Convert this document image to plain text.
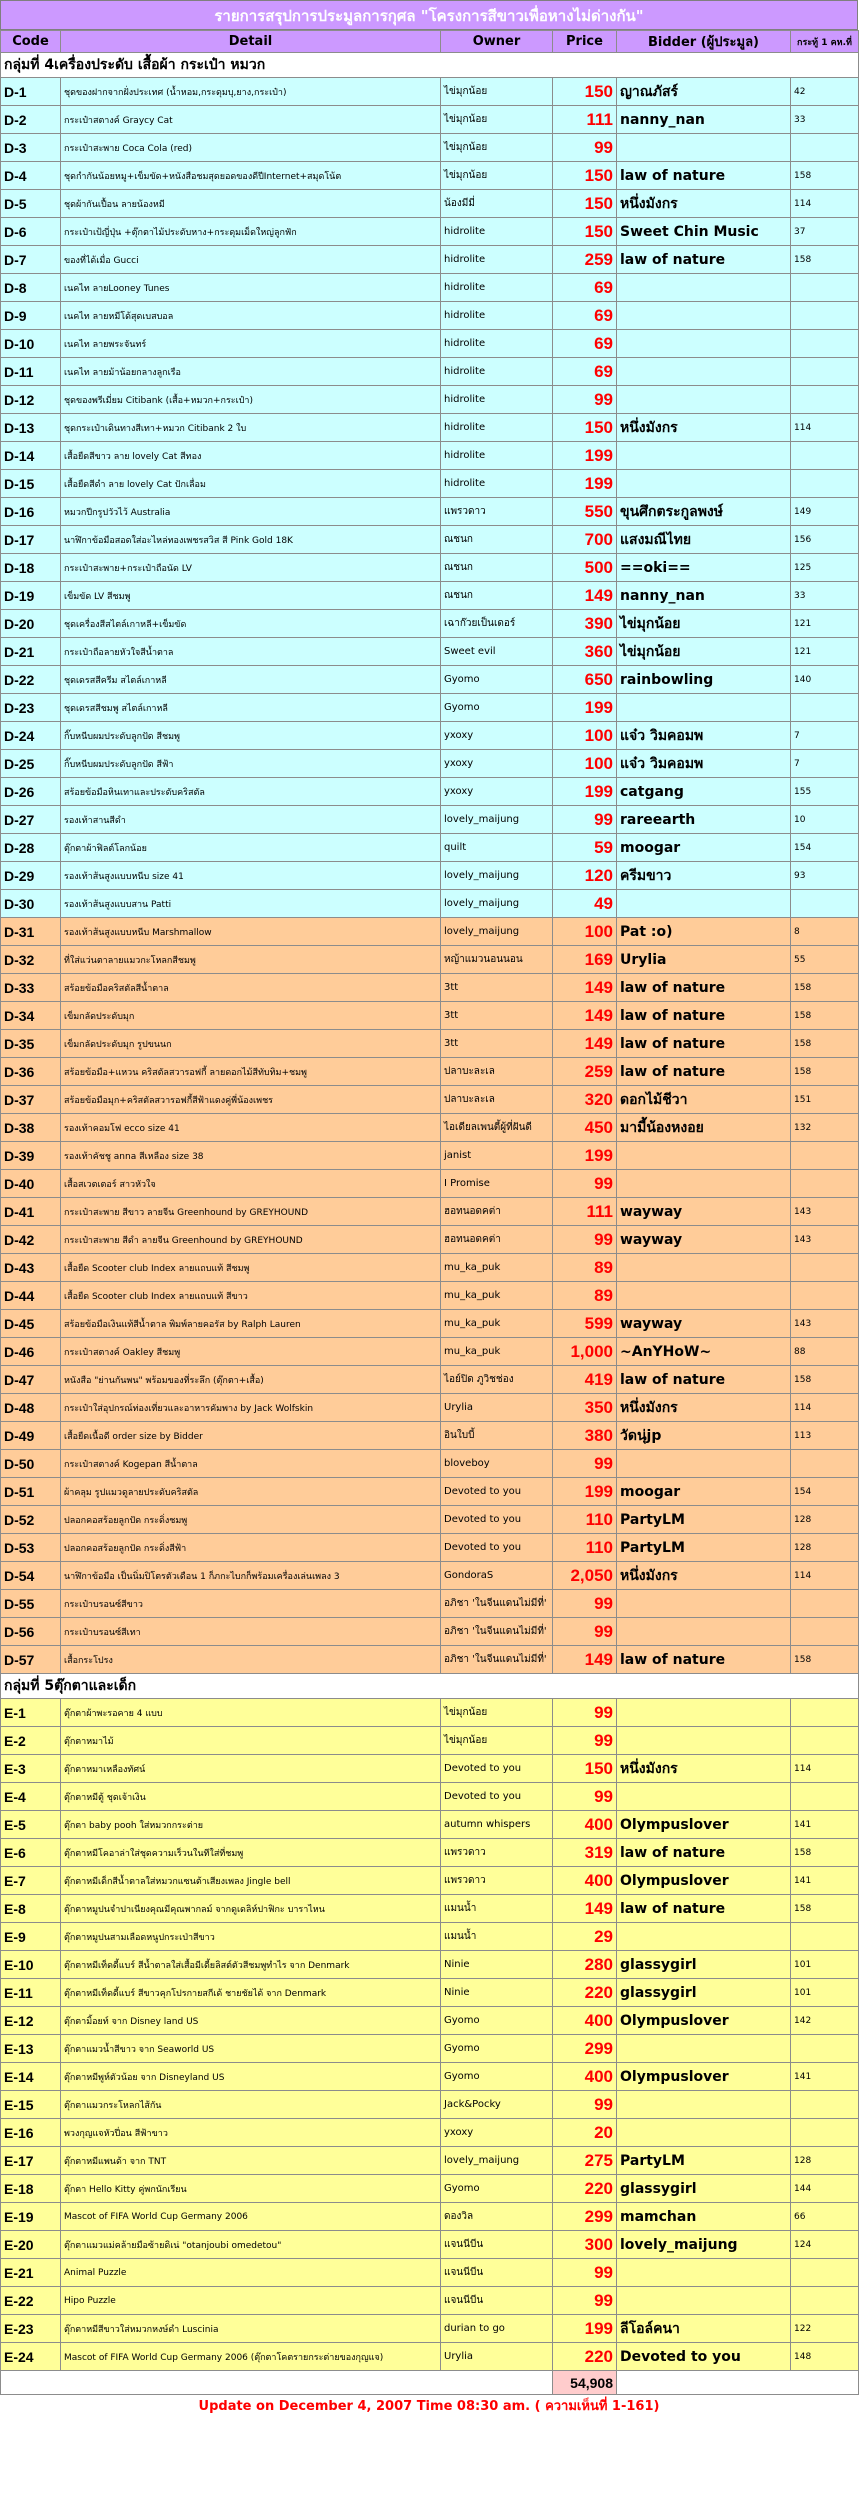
รายการสรุปการประมูลการกุศล "โครงการสีขาวเพื่อหางไม่ด่างกัน"
Code	Detail	Owner	Price	Bidder (ผู้ประมูล)	กระทู้ 1 คห.ที่
กลุ่มที่ 4เครื่องประดับ เสื้อผ้า กระเป๋า หมวก					
D-1	ชุดของฝากจากฝั่งประเทศ (น้ำหอม,กระดุมบุ,ยาง,กระเป๋า)	ไข่มุกน้อย	150	ญาณภัสร์	42
D-2	กระเป๋าสตางค์ Graycy Cat	ไข่มุกน้อย	111	nanny_nan	33
D-3	กระเป๋าสะพาย Coca Cola (red)	ไข่มุกน้อย	99		
D-4	ชุดกำกันน้อยหมู+เข็มขัด+หนังสือชมสุดยอดของดีปีInternet+สมุดโน้ต	ไข่มุกน้อย	150	law of nature	158
D-5	ชุดผ้ากันเปื้อน ลายน้องหมี	น้องมีมี่	150	หนึ่งมังกร	114
D-6	กระเป๋าเป้ญี่ปุ่น +ตุ๊กตาไม้ประดับหาง+กระดุมเม็ดใหญ่ลูกฟัก	hidrolite	150	Sweet Chin Music	37
D-7	ของที่ได้เมื่อ Gucci	hidrolite	259	law of nature	158
D-8	เนคไท ลายLooney Tunes	hidrolite	69		
D-9	เนคไท ลายหมีโด้สุดเบสบอล	hidrolite	69		
D-10	เนคไท ลายพระจันทร์	hidrolite	69		
D-11	เนคไท ลายม้าน้อยกลางลูกเรือ	hidrolite	69		
D-12	ชุดของพรีเมี่ยม Citibank (เสื้อ+หมวก+กระเป๋า)	hidrolite	99		
D-13	ชุดกระเป๋าเดินทางสีเทา+หมวก Citibank 2 ใบ	hidrolite	150	หนึ่งมังกร	114
D-14	เสื้อยืดสีขาว ลาย lovely Cat สีทอง	hidrolite	199		
D-15	เสื้อยืดสีดำ ลาย lovely Cat ปักเลื่อม	hidrolite	199		
D-16	หมวกปีกรูปวัวไว้ Australia	แพรวดาว	550	ขุนศึกตระกูลพงษ์	149
D-17	นาฬิกาข้อมือสอดใส่อะไหล่ทองเพชรสวิส สี Pink Gold 18K	ณชนก	700	แสงมณีไทย	156
D-18	กระเป๋าสะพาย+กระเป๋าถือนัด LV	ณชนก	500	==oki==	125
D-19	เข็มขัด LV สีชมพู	ณชนก	149	nanny_nan	33
D-20	ชุดเครื่องสีสไตล์เกาหลี+เข็มขัด	เฉาก๊วยเป็นเดอร์	390	ไข่มุกน้อย	121
D-21	กระเป๋าถือลายหัวใจสีน้ำตาล	Sweet evil	360	ไข่มุกน้อย	121
D-22	ชุดเดรสสีครีม สไตล์เกาหลี	Gyomo	650	rainbowling	140
D-23	ชุดเดรสสีชมพู สไตล์เกาหลี	Gyomo	199		
D-24	กิ๊บหนีบผมประดับลูกปัด สีชมพู	yxoxy	100	แจ๋ว วิมคอมพ	7
D-25	กิ๊บหนีบผมประดับลูกปัด สีฟ้า	yxoxy	100	แจ๋ว วิมคอมพ	7
D-26	สร้อยข้อมือหินเทาและประดับคริสตัล	yxoxy	199	catgang	155
D-27	รองเท้าสานสีดำ	lovely_maijung	99	rareearth	10
D-28	ตุ๊กตาผ้าฟิลต์โลกน้อย	quilt	59	moogar	154
D-29	รองเท้าส้นสูงแบบหนีบ size 41	lovely_maijung	120	ครีมขาว	93
D-30	รองเท้าส้นสูงแบบสาน Patti	lovely_maijung	49		
D-31	รองเท้าส้นสูงแบบหนีบ Marshmallow	lovely_maijung	100	Pat :o)	8
D-32	ที่ใส่แว่นตาลายแมวกะโหลกสีชมพู	หญ้าแมวนอนนอน	169	Urylia	55
D-33	สร้อยข้อมือคริสตัลสีน้ำตาล	3tt	149	law of nature	158
D-34	เข็มกลัดประดับมุก	3tt	149	law of nature	158
D-35	เข็มกลัดประดับมุก รูปขนนก	3tt	149	law of nature	158
D-36	สร้อยข้อมือ+แหวน คริสตัลสวารอฟกี้ ลายดอกไม้สีทับทิม+ชมพู	ปลาบะละเล	259	law of nature	158
D-37	สร้อยข้อมือมุก+คริสตัลสวารอฟกี้สีฟ้าแดงคู่พี่น้องเพชร	ปลาบะละเล	320	ดอกไม้ชีวา	151
D-38	รองเท้าคอมโฟ ecco size 41	ไอเดียลเพนตี้ผู้ที่ฝันดี	450	มามี้น้องหงอย	132
D-39	รองเท้าคัชชู anna สีเหลือง size 38	janist	199		
D-40	เสื้อสเวตเตอร์ สาวหัวใจ	I Promise	99		
D-41	กระเป๋าสะพาย สีขาว ลายจีน Greenhound by GREYHOUND	ฮอทนอดคต่า	111	wayway	143
D-42	กระเป๋าสะพาย สีดำ ลายจีน Greenhound by GREYHOUND	ฮอทนอดคต่า	99	wayway	143
D-43	เสื้อยืด Scooter club Index ลายแถบแท้ สีชมพู	mu_ka_puk	89		
D-44	เสื้อยืด Scooter club Index ลายแถบแท้ สีขาว	mu_ka_puk	89		
D-45	สร้อยข้อมือเงินแท้สีน้ำตาล พิมพ์ลายคอรัส by Ralph Lauren	mu_ka_puk	599	wayway	143
D-46	กระเป๋าสตางค์ Oakley สีชมพู	mu_ka_puk	1,000	~AnYHoW~	88
D-47	หนังสือ "ย่านกันพน" พร้อมของที่ระลึก (ตุ๊กตา+เสื้อ)	ไอย์ปิด ภูวิชช่อง	419	law of nature	158
D-48	กระเป๋าใส่อุปกรณ์ท่องเที่ยวและอาหารคัมพาง by Jack Wolfskin	Urylia	350	หนึ่งมังกร	114
D-49	เสื้อยืดเนื้อดี order size by Bidder	อินใบบี้	380	วัดนุ่jp	113
D-50	กระเป๋าสตางค์ Kogepan สีน้ำตาล	bloveboy	99		
D-51	ผ้าคลุม รูปแมวดูลายประดับคริสตัล	Devoted to you	199	moogar	154
D-52	ปลอกคอสร้อยลูกปัด กระดิ่งชมพู	Devoted to you	110	PartyLM	128
D-53	ปลอกคอสร้อยลูกปัด กระดิ่งสีฟ้า	Devoted to you	110	PartyLM	128
D-54	นาฬิกาข้อมือ เป็นนิ่มปิโตรตัวเดือน 1 ก็ภกะไบกก็พร้อมเครื่องเล่นเพลง 3	GondoraS	2,050	หนึ่งมังกร	114
D-55	กระเป๋าบรอนซ์สีขาว	อภิชา 'ในจีนแดนไม่มีที่'	99		
D-56	กระเป๋าบรอนซ์สีเทา	อภิชา 'ในจีนแดนไม่มีที่'	99		
D-57	เสื้อกระโปรง	อภิชา 'ในจีนแดนไม่มีที่'	149	law of nature	158
กลุ่มที่ 5ตุ๊กตาและเด็ก					
E-1	ตุ๊กตาผ้าพะรอคาย 4 แบบ	ไข่มุกน้อย	99		
E-2	ตุ๊กตาหมาไม้	ไข่มุกน้อย	99		
E-3	ตุ๊กตาหมาเหลืองทัศน์	Devoted to you	150	หนึ่งมังกร	114
E-4	ตุ๊กตาหมีตู้ ชุดเจ้าเงิน	Devoted to you	99		
E-5	ตุ๊กตา baby pooh ใส่หมวกกระต่าย	autumn whispers	400	Olympuslover	141
E-6	ตุ๊กตาหมีโคอาล่าใส่ชุดความเร็วนในทีใส่ที่ชมพู	แพรวดาว	319	law of nature	158
E-7	ตุ๊กตาหมีเด็กสีน้ำตาลใส่หมวกแซนต้าเสียงเพลง Jingle bell	แพรวดาว	400	Olympuslover	141
E-8	ตุ๊กตาหมูปนจำปาเนียงคุณมีคุณพากลม์ จากดูเดลิห์ปาฟิกะ บาราไหน	แมนน้ำ	149	law of nature	158
E-9	ตุ๊กตาหมูปนสามเลือดหนูปกระเป่าสีขาว	แมนน้ำ	29		
E-10	ตุ๊กตาหมีเท็ดดี้แบร์ สีน้ำตาลใส่เสื้อมีเดี้ยลิสต์ตัวสีชมพูทำไร จาก Denmark	Ninie	280	glassygirl	101
E-11	ตุ๊กตาหมีเท็ดดี้แบร์ สีขาวคุกโปรกายสกีเด้ ชายชัยได้ จาก Denmark	Ninie	220	glassygirl	101
E-12	ตุ๊กตามิ้อยท์ จาก Disney land US	Gyomo	400	Olympuslover	142
E-13	ตุ๊กตาแมวน้ำสีขาว จาก Seaworld US	Gyomo	299		
E-14	ตุ๊กตาหมีพูห์ตัวน้อย จาก Disneyland US	Gyomo	400	Olympuslover	141
E-15	ตุ๊กตาแมวกระโหลกไส้กัน	Jack&Pocky	99		
E-16	พวงกุญแจหัวปี่อน สีฟ้าขาว	yxoxy	20		
E-17	ตุ๊กตาหมีแพนด้า จาก TNT	lovely_maijung	275	PartyLM	128
E-18	ตุ๊กตา Hello Kitty คู่พกนักเรียน	Gyomo	220	glassygirl	144
E-19	Mascot of FIFA World Cup Germany 2006	ดองวิล	299	mamchan	66
E-20	ตุ๊กตาแมวแม่คล้ายมือซ้ายดิเน่ "otanjoubi omedetou"	แจนนีบีน	300	lovely_maijung	124
E-21	Animal Puzzle	แจนนีบีน	99		
E-22	Hipo Puzzle	แจนนีบีน	99		
E-23	ตุ๊กตาหมีสีขาวใส่หมวกหงษ์ดำ Luscinia	durian to go	199	ลีโอล์คนา	122
E-24	Mascot of FIFA World Cup Germany 2006 (ตุ๊กตาโคตรายกระต่ายของกุญแจ)	Urylia	220	Devoted to you	148
			54,908		
Update on December 4, 2007 Time 08:30 am. ( ความเห็นที่ 1-161)
